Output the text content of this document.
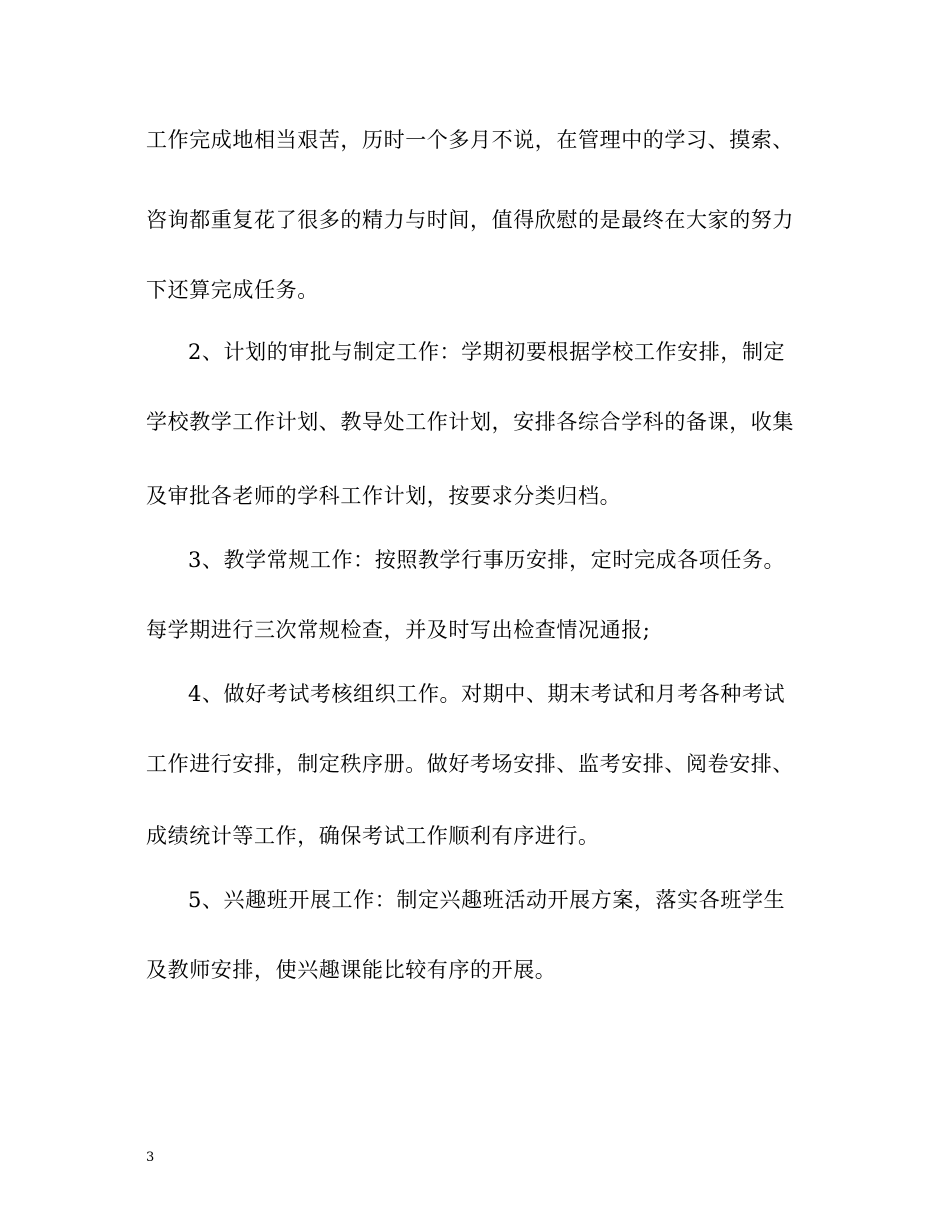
工作完成地相当艰苦，历时一个多月不说，在管理中的学习、摸索、
咨询都重复花了很多的精力与时间，值得欣慰的是最终在大家的努力
下还算完成任务。
2、计划的审批与制定工作：学期初要根据学校工作安排，制定
学校教学工作计划、教导处工作计划，安排各综合学科的备课，收集
及审批各老师的学科工作计划，按要求分类归档。
3、教学常规工作：按照教学行事历安排，定时完成各项任务。
每学期进行三次常规检查，并及时写出检查情况通报;
4、做好考试考核组织工作。对期中、期末考试和月考各种考试
工作进行安排，制定秩序册。做好考场安排、监考安排、阅卷安排、
成绩统计等工作，确保考试工作顺利有序进行。
5、兴趣班开展工作：制定兴趣班活动开展方案，落实各班学生
及教师安排，使兴趣课能比较有序的开展。
3
